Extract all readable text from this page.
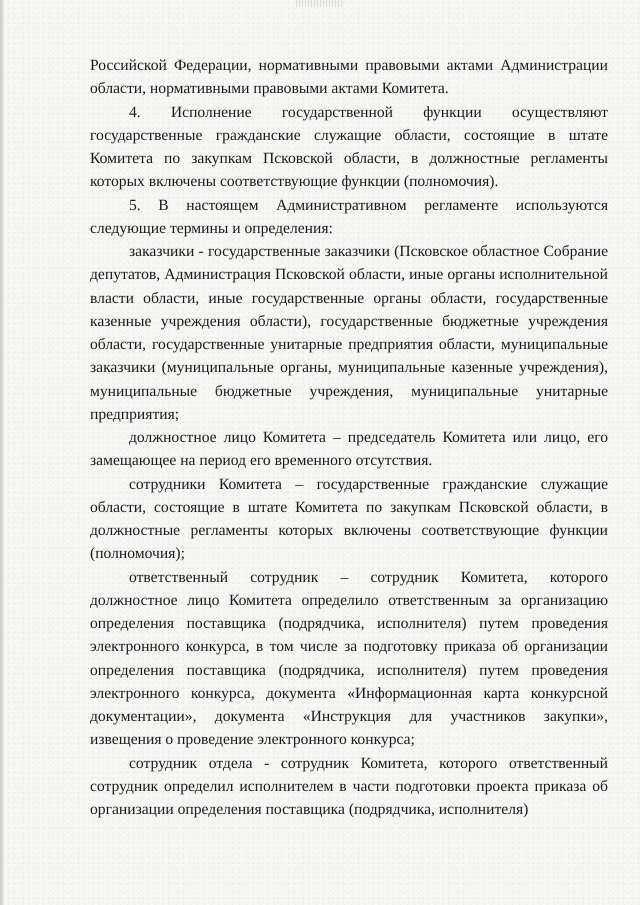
Российской Федерации, нормативными правовыми актами Администрации области, нормативными правовыми актами Комитета.

4. Исполнение государственной функции осуществляют государственные гражданские служащие области, состоящие в штате Комитета по закупкам Псковской области, в должностные регламенты которых включены соответствующие функции (полномочия).

5. В настоящем Административном регламенте используются следующие термины и определения:

заказчики - государственные заказчики (Псковское областное Собрание депутатов, Администрация Псковской области, иные органы исполнительной власти области, иные государственные органы области, государственные казенные учреждения области), государственные бюджетные учреждения области, государственные унитарные предприятия области, муниципальные заказчики (муниципальные органы, муниципальные казенные учреждения), муниципальные бюджетные учреждения, муниципальные унитарные предприятия;

должностное лицо Комитета – председатель Комитета или лицо, его замещающее на период его временного отсутствия.

сотрудники Комитета – государственные гражданские служащие области, состоящие в штате Комитета по закупкам Псковской области, в должностные регламенты которых включены соответствующие функции (полномочия);

ответственный сотрудник – сотрудник Комитета, которого должностное лицо Комитета определило ответственным за организацию определения поставщика (подрядчика, исполнителя) путем проведения электронного конкурса, в том числе за подготовку приказа об организации определения поставщика (подрядчика, исполнителя) путем проведения электронного конкурса, документа «Информационная карта конкурсной документации», документа «Инструкция для участников закупки», извещения о проведение электронного конкурса;

сотрудник отдела - сотрудник Комитета, которого ответственный сотрудник определил исполнителем в части подготовки проекта приказа об организации определения поставщика (подрядчика, исполнителя)
